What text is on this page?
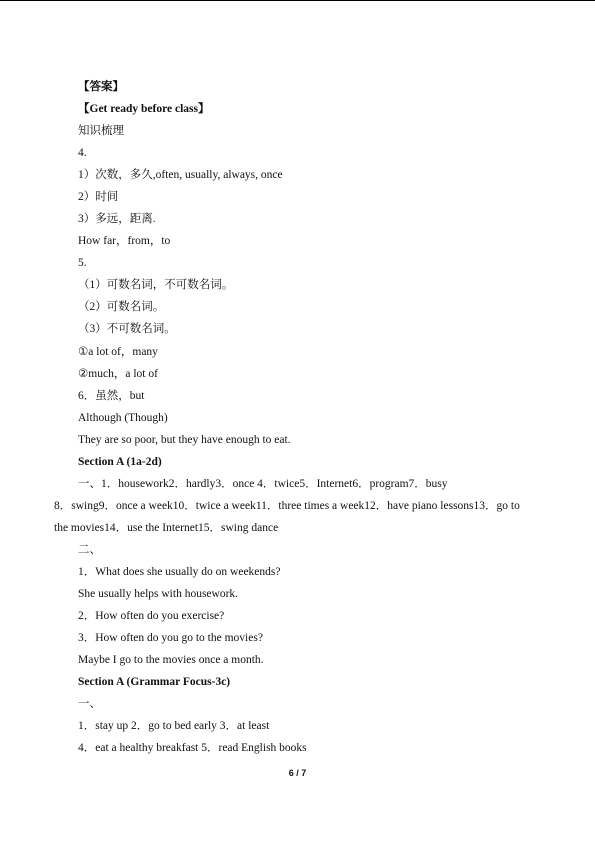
【答案】
【Get ready before class】
知识梳理
4.
1）次数，多久,often, usually, always, once
2）时间
3）多远，距离.
How far，from，to
5.
（1）可数名词，不可数名词。
（2）可数名词。
（3）不可数名词。
①a lot of，many
②much，a lot of
6．虽然，but
Although (Though)
They are so poor, but they have enough to eat.
Section A (1a-2d)
一、1．housework2．hardly3．once 4．twice5．Internet6．program7．busy
8．swing9．once a week10．twice a week11．three times a week12．have piano lessons13．go to
the movies14．use the Internet15．swing dance
二、
1．What does she usually do on weekends?
She usually helps with housework.
2．How often do you exercise?
3．How often do you go to the movies?
Maybe I go to the movies once a month.
Section A (Grammar Focus-3c)
一、
1．stay up 2．go to bed early 3．at least
4．eat a healthy breakfast 5．read English books
6 / 7
